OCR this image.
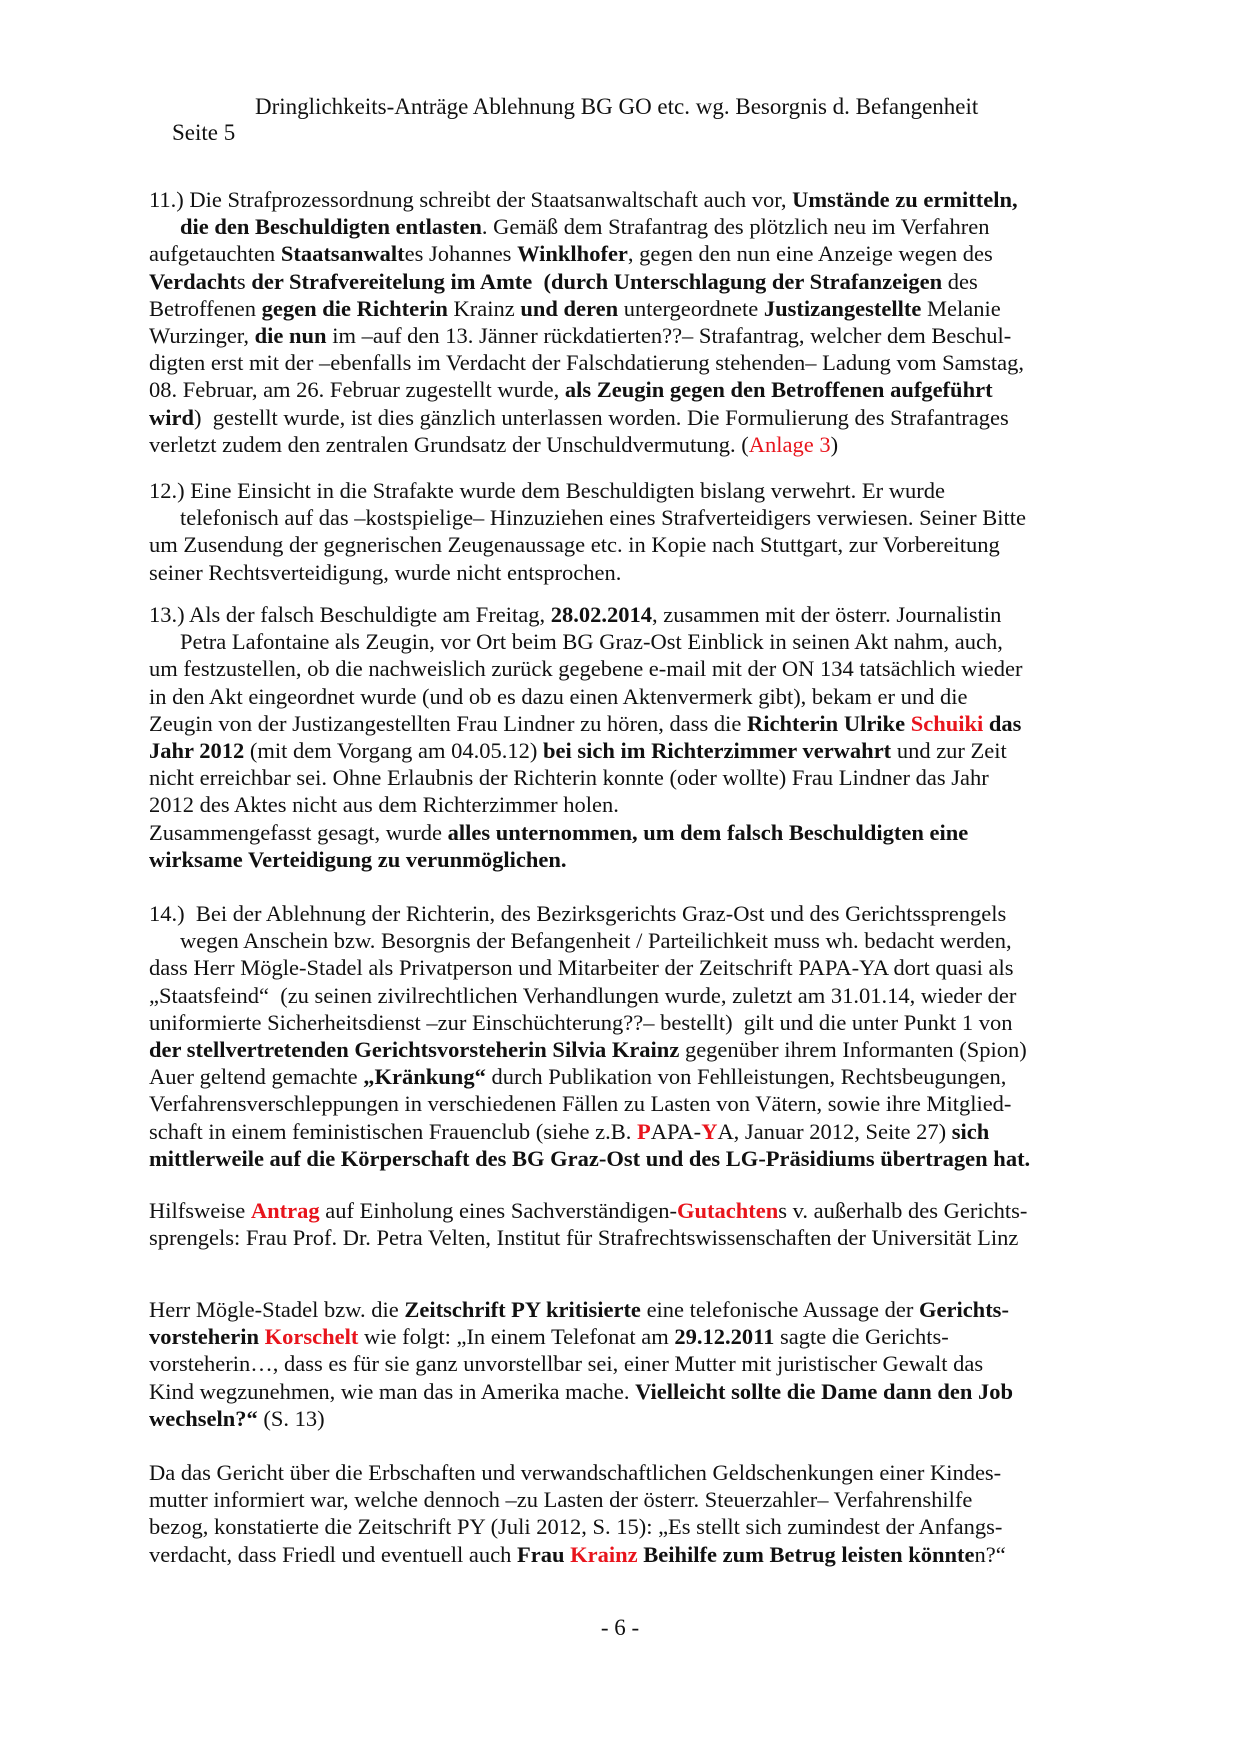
Seite 5

Dringlichkeits-Anträge Ablehnung BG GO etc. wg. Besorgnis d. Befangenheit

11.) Die Strafprozessordnung schreibt der Staatsanwaltschaft auch vor, Umstände zu ermitteln,
die den Beschuldigten entlasten. Gemäß dem Strafantrag des plötzlich neu im Verfahren
aufgetauchten Staatsanwaltes Johannes Winklhofer, gegen den nun eine Anzeige wegen des
Verdachts der Strafvereitelung im Amte  (durch Unterschlagung der Strafanzeigen des
Betroffenen gegen die Richterin Krainz und deren untergeordnete Justizangestellte Melanie
Wurzinger, die nun im –auf den 13. Jänner rückdatierten??– Strafantrag, welcher dem Beschul-
digten erst mit der –ebenfalls im Verdacht der Falschdatierung stehenden– Ladung vom Samstag,
08. Februar, am 26. Februar zugestellt wurde, als Zeugin gegen den Betroffenen aufgeführt
wird)  gestellt wurde, ist dies gänzlich unterlassen worden. Die Formulierung des Strafantrages
verletzt zudem den zentralen Grundsatz der Unschuldvermutung. (Anlage 3)
12.) Eine Einsicht in die Strafakte wurde dem Beschuldigten bislang verwehrt. Er wurde
telefonisch auf das –kostspielige– Hinzuziehen eines Strafverteidigers verwiesen. Seiner Bitte
um Zusendung der gegnerischen Zeugenaussage etc. in Kopie nach Stuttgart, zur Vorbereitung
seiner Rechtsverteidigung, wurde nicht entsprochen.
13.) Als der falsch Beschuldigte am Freitag, 28.02.2014, zusammen mit der österr. Journalistin
Petra Lafontaine als Zeugin, vor Ort beim BG Graz-Ost Einblick in seinen Akt nahm, auch,
um festzustellen, ob die nachweislich zurück gegebene e-mail mit der ON 134 tatsächlich wieder
in den Akt eingeordnet wurde (und ob es dazu einen Aktenvermerk gibt), bekam er und die
Zeugin von der Justizangestellten Frau Lindner zu hören, dass die Richterin Ulrike Schuiki das
Jahr 2012 (mit dem Vorgang am 04.05.12) bei sich im Richterzimmer verwahrt und zur Zeit
nicht erreichbar sei. Ohne Erlaubnis der Richterin konnte (oder wollte) Frau Lindner das Jahr
2012 des Aktes nicht aus dem Richterzimmer holen.
Zusammengefasst gesagt, wurde alles unternommen, um dem falsch Beschuldigten eine
wirksame Verteidigung zu verunmöglichen.
14.)  Bei der Ablehnung der Richterin, des Bezirksgerichts Graz-Ost und des Gerichtssprengels
wegen Anschein bzw. Besorgnis der Befangenheit / Parteilichkeit muss wh. bedacht werden,
dass Herr Mögle-Stadel als Privatperson und Mitarbeiter der Zeitschrift PAPA-YA dort quasi als
„Staatsfeind“  (zu seinen zivilrechtlichen Verhandlungen wurde, zuletzt am 31.01.14, wieder der
uniformierte Sicherheitsdienst –zur Einschüchterung??– bestellt)  gilt und die unter Punkt 1 von
der stellvertretenden Gerichtsvorsteherin Silvia Krainz gegenüber ihrem Informanten (Spion)
Auer geltend gemachte „Kränkung“ durch Publikation von Fehlleistungen, Rechtsbeugungen,
Verfahrensverschleppungen in verschiedenen Fällen zu Lasten von Vätern, sowie ihre Mitglied-
schaft in einem feministischen Frauenclub (siehe z.B. PAPA-YA, Januar 2012, Seite 27) sich
mittlerweile auf die Körperschaft des BG Graz-Ost und des LG-Präsidiums übertragen hat.
Hilfsweise Antrag auf Einholung eines Sachverständigen-Gutachtens v. außerhalb des Gerichts-
sprengels: Frau Prof. Dr. Petra Velten, Institut für Strafrechtswissenschaften der Universität Linz
Herr Mögle-Stadel bzw. die Zeitschrift PY kritisierte eine telefonische Aussage der Gerichts-
vorsteherin Korschelt wie folgt: „In einem Telefonat am 29.12.2011 sagte die Gerichts-
vorsteherin…, dass es für sie ganz unvorstellbar sei, einer Mutter mit juristischer Gewalt das
Kind wegzunehmen, wie man das in Amerika mache. Vielleicht sollte die Dame dann den Job
wechseln?“ (S. 13)
Da das Gericht über die Erbschaften und verwandschaftlichen Geldschenkungen einer Kindes-
mutter informiert war, welche dennoch –zu Lasten der österr. Steuerzahler– Verfahrenshilfe
bezog, konstatierte die Zeitschrift PY (Juli 2012, S. 15): „Es stellt sich zumindest der Anfangs-
verdacht, dass Friedl und eventuell auch Frau Krainz Beihilfe zum Betrug leisten könnten?“
- 6 -
